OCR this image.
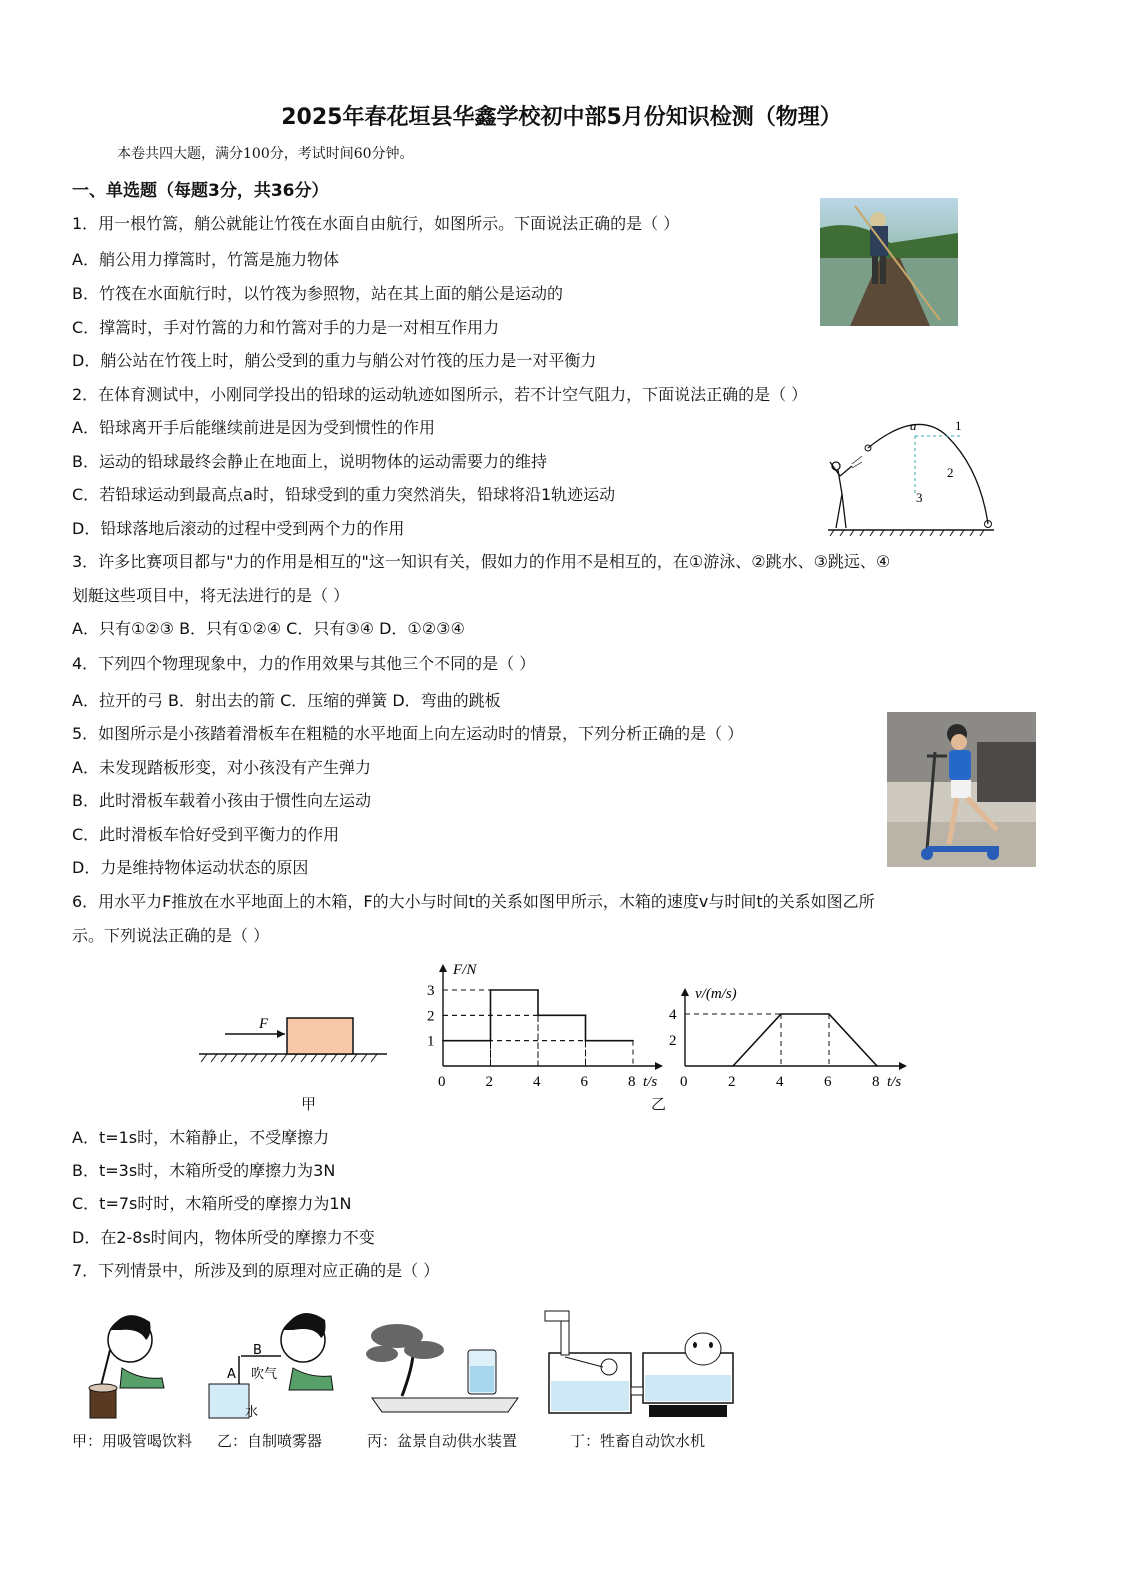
2025年春花垣县华鑫学校初中部5月份知识检测（物理）
本卷共四大题，满分100分，考试时间60分钟。
一、单选题（每题3分，共36分）
1．用一根竹篙，艄公就能让竹筏在水面自由航行，如图所示。下面说法正确的是（ ）
A．艄公用力撑篙时，竹篙是施力物体
B．竹筏在水面航行时，以竹筏为参照物，站在其上面的艄公是运动的
C．撑篙时，手对竹篙的力和竹篙对手的力是一对相互作用力
D．艄公站在竹筏上时，艄公受到的重力与艄公对竹筏的压力是一对平衡力
2．在体育测试中，小刚同学投出的铅球的运动轨迹如图所示，若不计空气阻力，下面说法正确的是（ ）
A．铅球离开手后能继续前进是因为受到惯性的作用
B．运动的铅球最终会静止在地面上，说明物体的运动需要力的维持
C．若铅球运动到最高点a时，铅球受到的重力突然消失，铅球将沿1轨迹运动
D．铅球落地后滚动的过程中受到两个力的作用
a	1
2
3
3．许多比赛项目都与"力的作用是相互的"这一知识有关，假如力的作用不是相互的，在①游泳、②跳水、③跳远、④
划艇这些项目中，将无法进行的是（ ）
A．只有①②③ B．只有①②④ C．只有③④ D．①②③④
4．下列四个物理现象中，力的作用效果与其他三个不同的是（ ）
A．拉开的弓 B．射出去的箭 C．压缩的弹簧 D．弯曲的跳板
5．如图所示是小孩踏着滑板车在粗糙的水平地面上向左运动时的情景，下列分析正确的是（ ）
A．未发现踏板形变，对小孩没有产生弹力
B．此时滑板车载着小孩由于惯性向左运动
C．此时滑板车恰好受到平衡力的作用
D．力是维持物体运动状态的原因
6．用水平力F推放在水平地面上的木箱，F的大小与时间t的关系如图甲所示，木箱的速度v与时间t的关系如图乙所
示。下列说法正确的是（ ）
F
甲
0	2	4	6	8
1
2
3
t/s
F/N
0	2	4	6	8
2
4
t/s
v/(m/s)
乙
A．t=1s时，木箱静止，不受摩擦力
B．t=3s时，木箱所受的摩擦力为3N
C．t=7s时时，木箱所受的摩擦力为1N
D．在2-8s时间内，物体所受的摩擦力不变
7．下列情景中，所涉及到的原理对应正确的是（ ）
B
A 吹气
水
甲：用吸管喝饮料 乙：自制喷雾器	丙：盆景自动供水装置	丁：牲畜自动饮水机
